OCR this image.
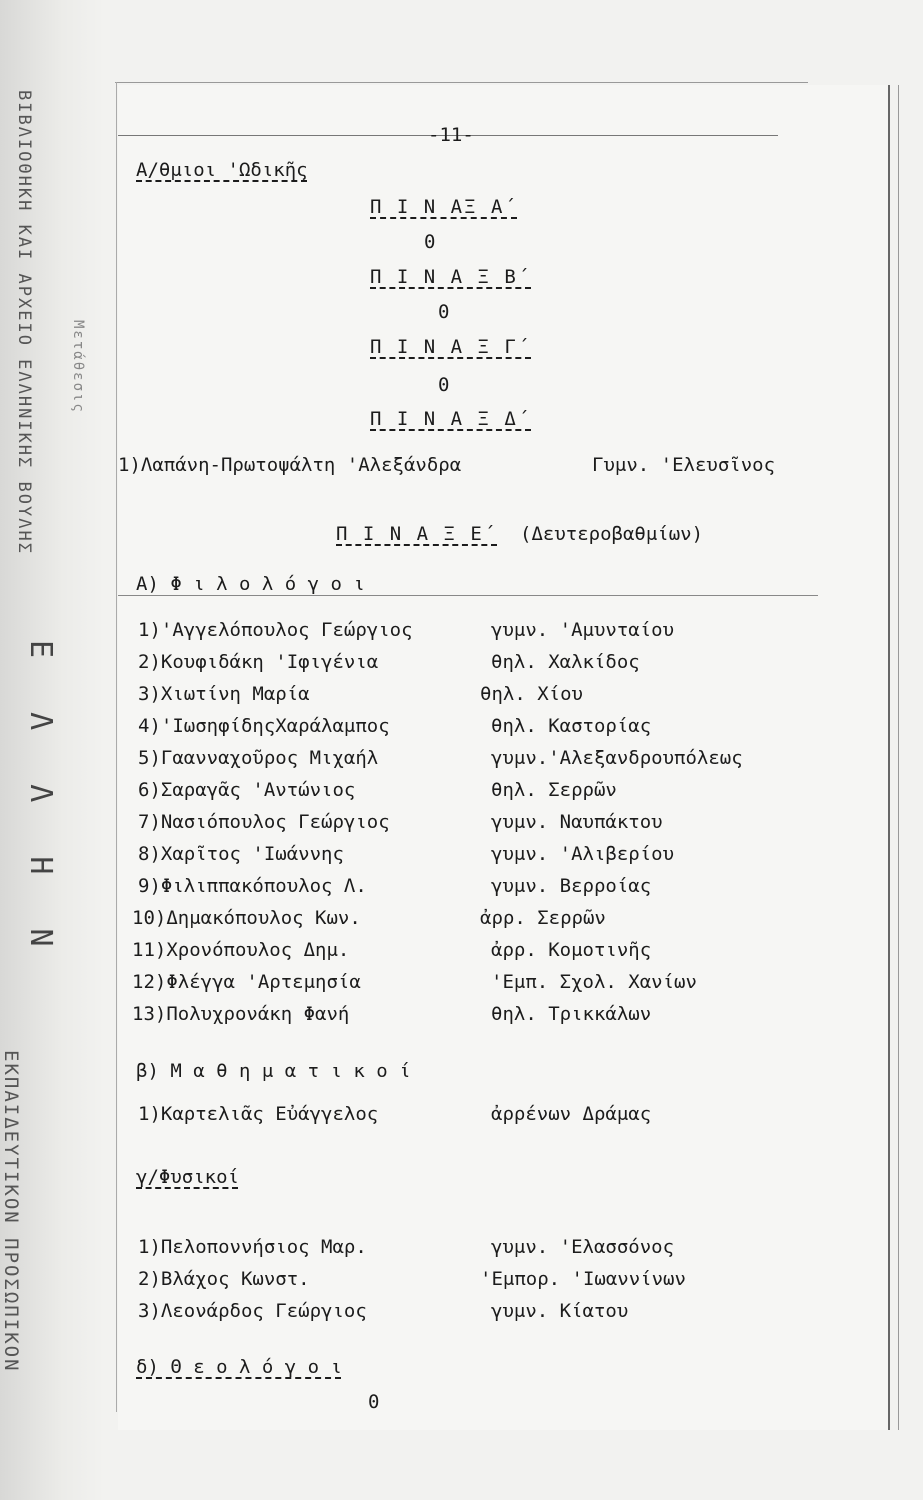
ΒΙΒΛΙΟΘΗΚΗ ΚΑΙ ΑΡΧΕΙΟ ΕΛΛΗΝΙΚΗΣ ΒΟΥΛΗΣ
ΕΚΠΑΙΔΕΥΤΙΚΟΝ ΠΡΟΣΩΠΙΚΟΝ
Μετάθεσις
Ε Λ Λ Η Ν
-11-
Α/θμιοι 'Ωδικῆς
Π Ι Ν ΑΞ Α΄
0
Π Ι Ν Α Ξ Β΄
0
Π Ι Ν Α Ξ Γ΄
0
Π Ι Ν Α Ξ Δ΄
1)Λαπάνη-Πρωτοψάλτη 'Αλεξάνδρα	Γυμν. 'Ελευσῖνος
Π Ι Ν Α Ξ Ε΄ (Δευτεροβαθμίων)
Α) Φ ι λ ο λ ό γ ο ι
1)'Αγγελόπουλος Γεώργιος	γυμν. 'Αμυνταίου
2)Κουφιδάκη 'Ιφιγένια	θηλ. Χαλκίδος
3)Χιωτίνη Μαρία	θηλ. Χίου
4)'ΙωσηφίδηςΧαράλαμπος	θηλ. Καστορίας
5)Γαανναχοῦρος Μιχαήλ	γυμν.'Αλεξανδρουπόλεως
6)Σαραγᾶς 'Αντώνιος	θηλ. Σερρῶν
7)Νασιόπουλος Γεώργιος	γυμν. Ναυπάκτου
8)Χαρῖτος 'Ιωάννης	γυμν. 'Αλιβερίου
9)Φιλιππακόπουλος Λ.	γυμν. Βερροίας
10)Δημακόπουλος Κων.	ἀρρ. Σερρῶν
11)Χρονόπουλος Δημ.	ἀρρ. Κομοτινῆς
12)Φλέγγα 'Αρτεμησία	'Εμπ. Σχολ. Χανίων
13)Πολυχρονάκη Φανή	θηλ. Τρικκάλων
β) Μ α θ η μ α τ ι κ ο ί
1)Καρτελιᾶς Εὐάγγελος	ἀρρένων Δράμας
γ/Φυσικοί
1)Πελοποννήσιος Μαρ.	γυμν. 'Ελασσόνος
2)Βλάχος Κωνστ.	'Εμπορ. 'Ιωαννίνων
3)Λεονάρδος Γεώργιος	γυμν. Κίατου
δ) Θ ε ο λ ό γ ο ι
0
